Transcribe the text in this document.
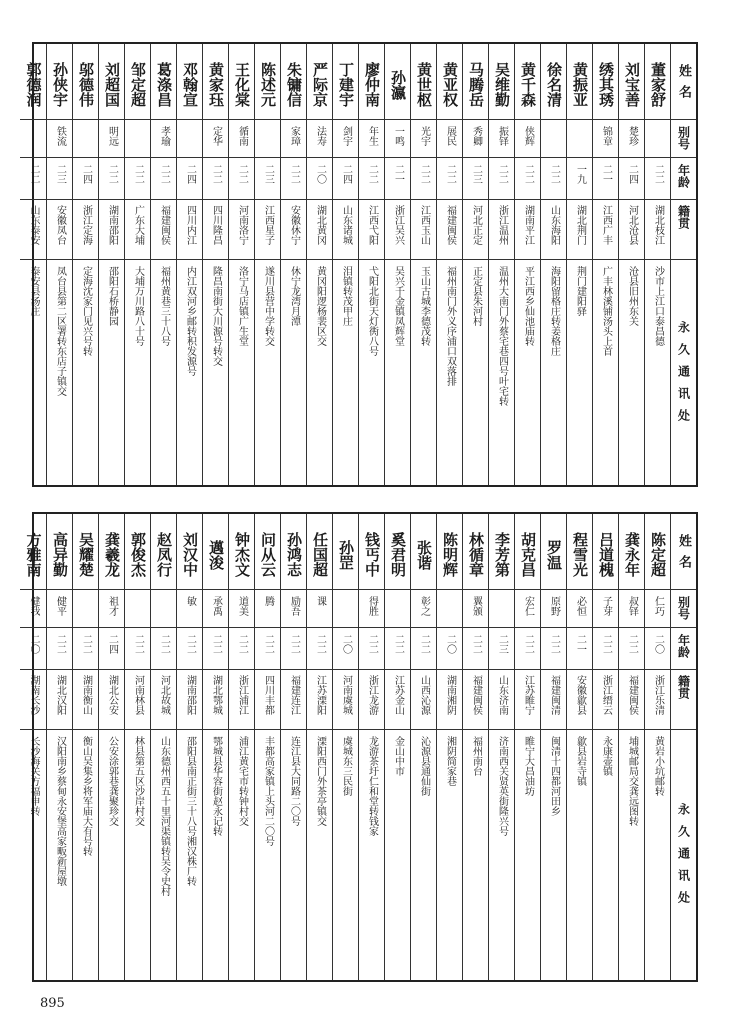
姓名
别号
年龄
籍贯
永久通讯处
董家舒
二二
湖北枝江
沙市上江口泰昌德
刘宝善
楚珍
二四
河北沧县
沧县旧州东关
绣其琇
锦章
二一
江西广丰
广丰林溪铺汤头上首
黄振亚
一九
湖北荆门
荆门建阳驿
徐名清
二二
山东海阳
海阳留格庄转姜格庄
黄千森
侠辉
二二
湖南平江
平江西乡仙池庙转
吴维勤
振铎
二二
浙江温州
温州大南门外蔡宅巷四号叶宅转
马腾岳
秀卿
二三
河北正定
正定县朱河村
黄亚权
展民
二二
福建闽侯
福州南门外义序浦口双落排
黄世枢
光宇
二二
江西玉山
玉山古城李德茂转
孙瀛
一鸣
二一
浙江吴兴
吴兴千金镇凤辉堂
廖仲南
年生
二二
江西弋阳
弋阳北街天灯衖八号
丁建宇
剑宇
二四
山东诸城
泪镇转茂甲庄
严际京
法寿
二〇
湖北黄冈
黄冈阳逻杨裴区交
朱镛信
家璋
二二
安徽休宁
休宁龙湾月潭
陈述元
二三
江西星子
遂川县营中学转交
王化棠
循南
二二
河南洛宁
洛宁马店镇广生堂
黄家珏
定华
二二
四川隆昌
隆昌南街大川源号转交
邓翰宣
二四
四川内江
内江双河乡邮转积发源号
葛涤昌
孝瑜
二二
福建闽侯
福州黄巷三十八号
邹定超
二二
广东大埔
大埔万川路八十号
刘超国
明远
二二
湖南邵阳
邵阳石桥静园
邬德伟
二四
浙江定海
定海沈家门见兴号转
孙侠宇
铁流
二三
安徽凤台
凤台县第二区署转东店子镇交
郭德润
二二
山东泰安
泰安县汤庄
姓名
别号
年龄
籍贯
永久通讯处
陈定超
仁巧
二〇
浙江乐清
黄岩小坑邮转
龚永年
叔铎
二二
福建闽侯
埔城邮局交龚远图转
吕道槐
子芽
二二
浙江缙云
永康壶镇
程雪光
必恒
二一
安徽歙县
歙县岩寺镇
罗温
原野
二二
福建闽清
闽清十四都河田乡
胡克昌
宏仁
二二
江苏睢宁
睢宁大昌油坊
李芳第
二三
山东济南
济南西关贤英街隆兴号
林循章
翼颁
二二
福建闽侯
福州南台
陈明辉
二〇
湖南湘阴
湘阴简家巷
张谐
彰之
二二
山西沁源
沁源县通仙街
奚君明
二二
江苏金山
金山中市
钱丐中
得胜
二二
浙江龙游
龙游茶圩仁和堂转钱家
孙罡
二〇
河南虞城
虞城东三民街
任国超
课
二二
江苏溧阳
溧阳西门外茶亭镇交
孙鸿志
励吾
二二
福建连江
连江县大同路二〇号
问从云
腾
二二
四川丰都
丰都高家镇上头河二〇号
钟杰文
道美
二二
浙江浦江
浦江黄宅市转钟村交
邁浚
承禹
二二
湖北鄂城
鄂城县华容街赵永记转
刘汉中
敏
二二
湖南邵阳
邵阳县南正街三十八号湘汉株厂转
赵凤行
二二
河北故城
山东德州西五十里河渠镇转吴令史村
郭俊杰
二二
河南林县
林县第五区沙岸村交
龚羲龙
祖才
二四
湖北公安
公安涂郭巷龚聚珍交
吴耀楚
二二
湖南衡山
衡山吴集乡将军庙大有号转
高异勤
健平
二二
湖北汉阳
汉阳南乡蔡甸永安堡高家畈新屋墩
方雅南
健我
二〇
湖南长沙
长沙海关方福申转
895
